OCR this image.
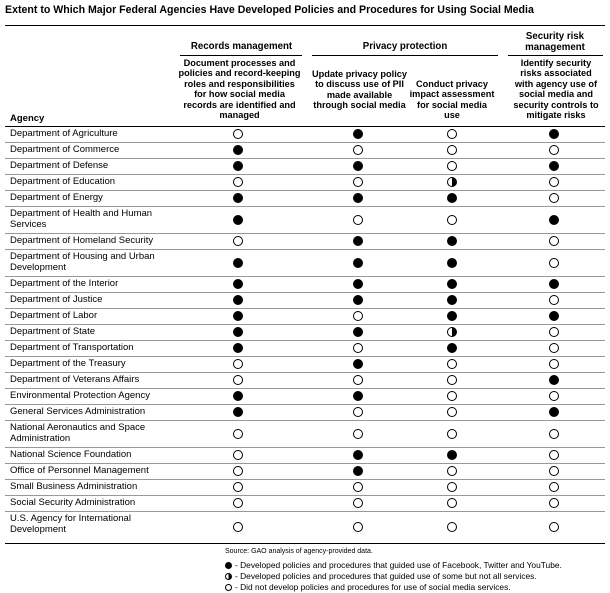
Extent to Which Major Federal Agencies Have Developed Policies and Procedures for Using Social Media
Records management	Privacy protection
Security risk management
Document processes and policies and record-keeping roles and responsibilities for how social media records are identified and managed
Update privacy policy to discuss use of PII made available through social media
Conduct privacy impact assessment for social media use
Identify security risks associated with agency use of social media and security controls to mitigate risks
Agency
Department of Agriculture
Department of Commerce
Department of Defense
Department of Education
Department of Energy
Department of Health and Human Services
Department of Homeland Security
Department of Housing and Urban Development
Department of the Interior
Department of Justice
Department of Labor
Department of State
Department of Transportation
Department of the Treasury
Department of Veterans Affairs
Environmental Protection Agency
General Services Administration
National Aeronautics and Space Administration
National Science Foundation
Office of Personnel Management
Small Business Administration
Social Security Administration
U.S. Agency for International Development
Source: GAO analysis of agency-provided data.
- Developed policies and procedures that guided use of Facebook, Twitter and YouTube.
- Developed policies and procedures that guided use of some but not all services.
- Did not develop policies and procedures for use of social media services.
